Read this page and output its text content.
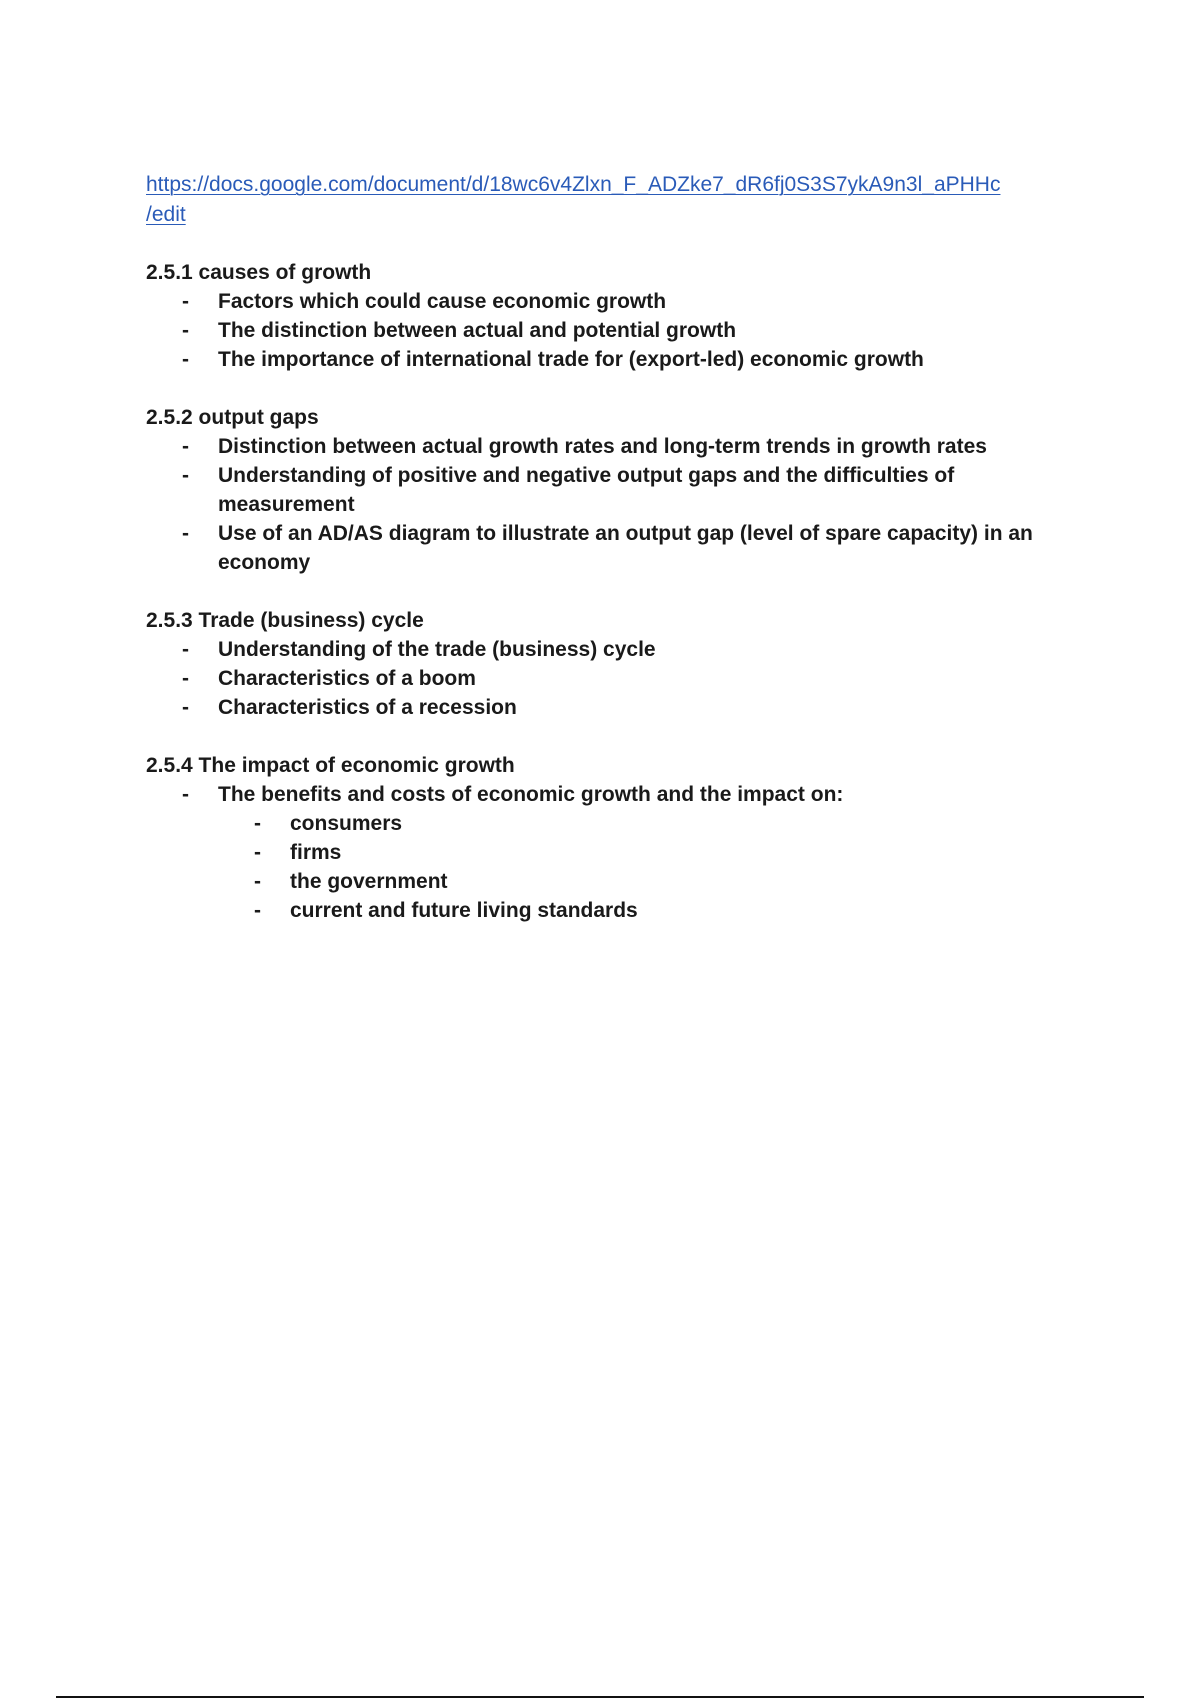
https://docs.google.com/document/d/18wc6v4Zlxn_F_ADZke7_dR6fj0S3S7ykA9n3l_aPHHc
/edit

2.5.1 causes of growth

- Factors which could cause economic growth
- The distinction between actual and potential growth
- The importance of international trade for (export-led) economic growth

2.5.2 output gaps

- Distinction between actual growth rates and long-term trends in growth rates
- Understanding of positive and negative output gaps and the difficulties of measurement
- Use of an AD/AS diagram to illustrate an output gap (level of spare capacity) in an economy

2.5.3 Trade (business) cycle

- Understanding of the trade (business) cycle
- Characteristics of a boom
- Characteristics of a recession

2.5.4 The impact of economic growth

- The benefits and costs of economic growth and the impact on:
- consumers
- firms
- the government
- current and future living standards
